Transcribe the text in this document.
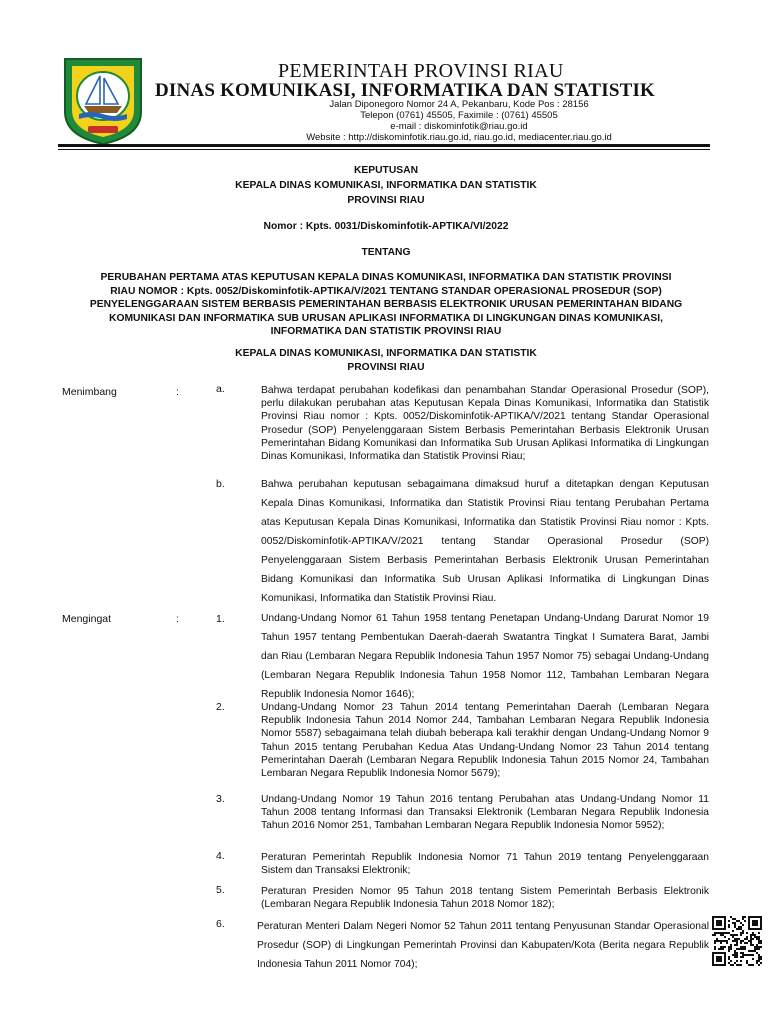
PEMERINTAH PROVINSI RIAU
DINAS KOMUNIKASI, INFORMATIKA DAN STATISTIK
Jalan Diponegoro Nomor 24 A, Pekanbaru, Kode Pos : 28156
Telepon (0761) 45505, Faximile : (0761) 45505
e-mail : diskominfotik@riau.go.id
Website : http://diskominfotik.riau.go.id, riau.go.id, mediacenter.riau.go.id
KEPUTUSAN
KEPALA DINAS KOMUNIKASI, INFORMATIKA DAN STATISTIK
PROVINSI RIAU
Nomor : Kpts. 0031/Diskominfotik-APTIKA/VI/2022
TENTANG
PERUBAHAN PERTAMA ATAS KEPUTUSAN KEPALA DINAS KOMUNIKASI, INFORMATIKA DAN STATISTIK PROVINSI
RIAU NOMOR : Kpts. 0052/Diskominfotik-APTIKA/V/2021 TENTANG STANDAR OPERASIONAL PROSEDUR (SOP)
PENYELENGGARAAN SISTEM BERBASIS PEMERINTAHAN BERBASIS ELEKTRONIK URUSAN PEMERINTAHAN BIDANG
KOMUNIKASI DAN INFORMATIKA SUB URUSAN APLIKASI INFORMATIKA DI LINGKUNGAN DINAS KOMUNIKASI,
INFORMATIKA DAN STATISTIK PROVINSI RIAU
KEPALA DINAS KOMUNIKASI, INFORMATIKA DAN STATISTIK
PROVINSI RIAU
Menimbang	:	a.	Bahwa terdapat perubahan kodefikasi dan penambahan Standar Operasional Prosedur (SOP), perlu dilakukan perubahan atas Keputusan Kepala Dinas Komunikasi, Informatika dan Statistik Provinsi Riau nomor : Kpts. 0052/Diskominfotik-APTIKA/V/2021 tentang Standar Operasional Prosedur (SOP) Penyelenggaraan Sistem Berbasis Pemerintahan Berbasis Elektronik Urusan Pemerintahan Bidang Komunikasi dan Informatika Sub Urusan Aplikasi Informatika di Lingkungan Dinas Komunikasi, Informatika dan Statistik Provinsi Riau;
b.	Bahwa perubahan keputusan sebagaimana dimaksud huruf a ditetapkan dengan Keputusan Kepala Dinas Komunikasi, Informatika dan Statistik Provinsi Riau tentang Perubahan Pertama atas Keputusan Kepala Dinas Komunikasi, Informatika dan Statistik Provinsi Riau nomor : Kpts. 0052/Diskominfotik-APTIKA/V/2021 tentang Standar Operasional Prosedur (SOP) Penyelenggaraan Sistem Berbasis Pemerintahan Berbasis Elektronik Urusan Pemerintahan Bidang Komunikasi dan Informatika Sub Urusan Aplikasi Informatika di Lingkungan Dinas Komunikasi, Informatika dan Statistik Provinsi Riau.
Mengingat	:	1.	Undang-Undang Nomor 61 Tahun 1958 tentang Penetapan Undang-Undang Darurat Nomor 19 Tahun 1957 tentang Pembentukan Daerah-daerah Swatantra Tingkat I Sumatera Barat, Jambi dan Riau (Lembaran Negara Republik Indonesia Tahun 1957 Nomor 75) sebagai Undang-Undang (Lembaran Negara Republik Indonesia Tahun 1958 Nomor 112, Tambahan Lembaran Negara Republik Indonesia Nomor 1646);
2.	Undang-Undang Nomor 23 Tahun 2014 tentang Pemerintahan Daerah (Lembaran Negara Republik Indonesia Tahun 2014 Nomor 244, Tambahan Lembaran Negara Republik Indonesia Nomor 5587) sebagaimana telah diubah beberapa kali terakhir dengan Undang-Undang Nomor 9 Tahun 2015 tentang Perubahan Kedua Atas Undang-Undang Nomor 23 Tahun 2014 tentang Pemerintahan Daerah (Lembaran Negara Republik Indonesia Tahun 2015 Nomor 24, Tambahan Lembaran Negara Republik Indonesia Nomor 5679);
3.	Undang-Undang Nomor 19 Tahun 2016 tentang Perubahan atas Undang-Undang Nomor 11 Tahun 2008 tentang Informasi dan Transaksi Elektronik (Lembaran Negara Republik Indonesia Tahun 2016 Nomor 251, Tambahan Lembaran Negara Republik Indonesia Nomor 5952);
4.	Peraturan Pemerintah Republik Indonesia Nomor 71 Tahun 2019 tentang Penyelenggaraan Sistem dan Transaksi Elektronik;
5.	Peraturan Presiden Nomor 95 Tahun 2018 tentang Sistem Pemerintah Berbasis Elektronik (Lembaran Negara Republik Indonesia Tahun 2018 Nomor 182);
6.	Peraturan Menteri Dalam Negeri Nomor 52 Tahun 2011 tentang Penyusunan Standar Operasional Prosedur (SOP) di Lingkungan Pemerintah Provinsi dan Kabupaten/Kota (Berita negara Republik Indonesia Tahun 2011 Nomor 704);
